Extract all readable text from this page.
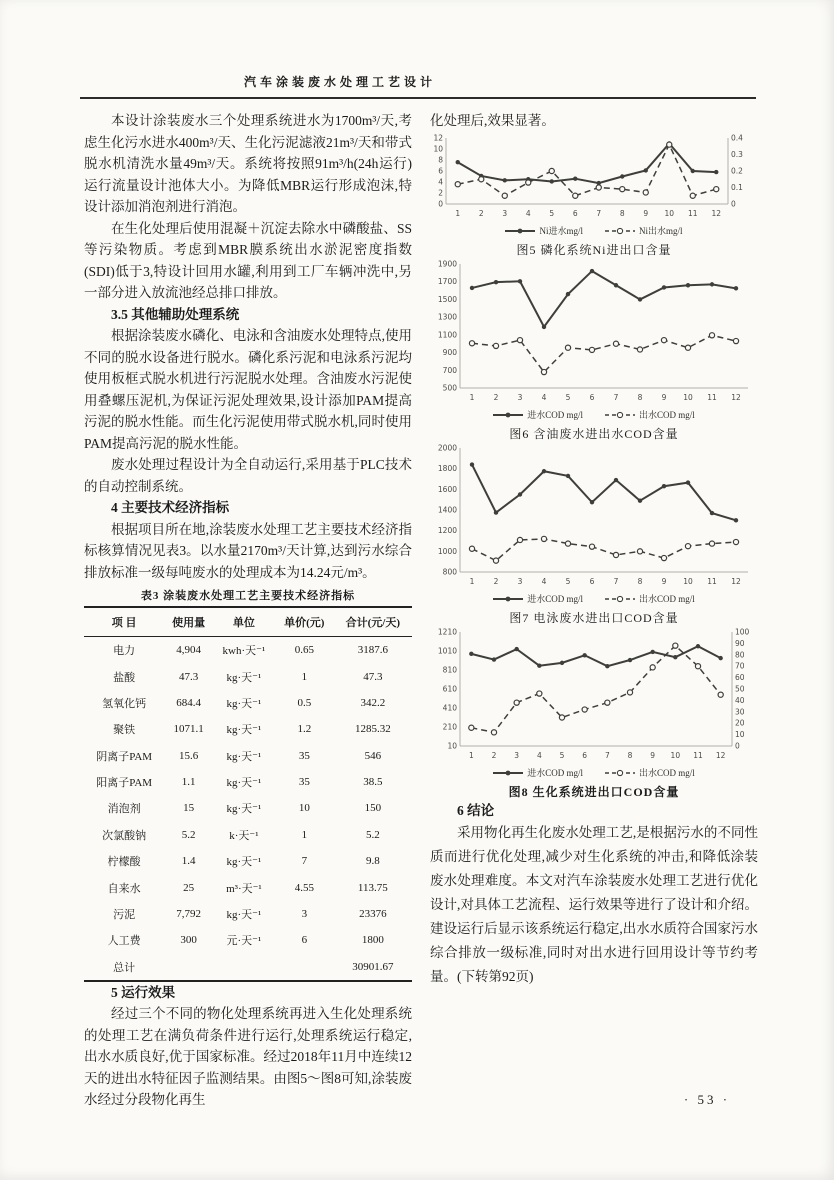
汽车涂装废水处理工艺设计

本设计涂装废水三个处理系统进水为1700m³/天,考虑生化污水进水400m³/天、生化污泥滤液21m³/天和带式脱水机清洗水量49m³/天。系统将按照91m³/h(24h运行)运行流量设计池体大小。为降低MBR运行形成泡沫,特设计添加消泡剂进行消泡。

在生化处理后使用混凝＋沉淀去除水中磷酸盐、SS等污染物质。考虑到MBR膜系统出水淤泥密度指数(SDI)低于3,特设计回用水罐,利用到工厂车辆冲洗中,另一部分进入放流池经总排口排放。

3.5 其他辅助处理系统

根据涂装废水磷化、电泳和含油废水处理特点,使用不同的脱水设备进行脱水。磷化系污泥和电泳系污泥均使用板框式脱水机进行污泥脱水处理。含油废水污泥使用叠螺压泥机,为保证污泥处理效果,设计添加PAM提高污泥的脱水性能。而生化污泥使用带式脱水机,同时使用PAM提高污泥的脱水性能。

废水处理过程设计为全自动运行,采用基于PLC技术的自动控制系统。

4 主要技术经济指标

根据项目所在地,涂装废水处理工艺主要技术经济指标核算情况见表3。以水量2170m³/天计算,达到污水综合排放标准一级每吨废水的处理成本为14.24元/m³。

表3 涂装废水处理工艺主要技术经济指标
项 目	使用量	单位	单价(元)	合计(元/天)
电力	4,904	kwh·天⁻¹	0.65	3187.6
盐酸	47.3	kg·天⁻¹	1	47.3
氢氧化钙	684.4	kg·天⁻¹	0.5	342.2
聚铁	1071.1	kg·天⁻¹	1.2	1285.32
阴离子PAM	15.6	kg·天⁻¹	35	546
阳离子PAM	1.1	kg·天⁻¹	35	38.5
消泡剂	15	kg·天⁻¹	10	150
次氯酸钠	5.2	k·天⁻¹	1	5.2
柠檬酸	1.4	kg·天⁻¹	7	9.8
自来水	25	m³·天⁻¹	4.55	113.75
污泥	7,792	kg·天⁻¹	3	23376
人工费	300	元·天⁻¹	6	1800
总计				30901.67
5 运行效果

经过三个不同的物化处理系统再进入生化处理系统的处理工艺在满负荷条件进行运行,处理系统运行稳定,出水水质良好,优于国家标准。经过2018年11月中连续12天的进出水特征因子监测结果。由图5～图8可知,涂装废水经过分段物化再生

化处理后,效果显著。

0
2
4
6
8
10
12
0
0.1
0.2
0.3
0.4
1 2 3 4 5 6 7 8 9 10 11 12
Ni进水mg/l	Ni出水mg/l
图5 磷化系统Ni进出口含量
500
700
900
1100
1300
1500
1700
1900
1	2	3	4	5	6	7	8	9 10 11 12
进水COD mg/l	出水COD mg/l
图6 含油废水进出水COD含量
800
1000
1200
1400
1600
1800
2000
1	2	3	4	5	6	7	8	9 10 11 12
进水COD mg/l	出水COD mg/l
图7 电泳废水进出口COD含量
10
210
410
610
810
1010
1210
0
10
20
30
40
50
60
70
80
90
100
1 2 3 4 5 6 7 8 9 10 11 12
进水COD mg/l	出水COD mg/l
图8 生化系统进出口COD含量
6 结论

采用物化再生化废水处理工艺,是根据污水的不同性质而进行优化处理,减少对生化系统的冲击,和降低涂装废水处理难度。本文对汽车涂装废水处理工艺进行优化设计,对具体工艺流程、运行效果等进行了设计和介绍。建设运行后显示该系统运行稳定,出水水质符合国家污水综合排放一级标准,同时对出水进行回用设计等节约考量。(下转第92页)

· 53 ·
